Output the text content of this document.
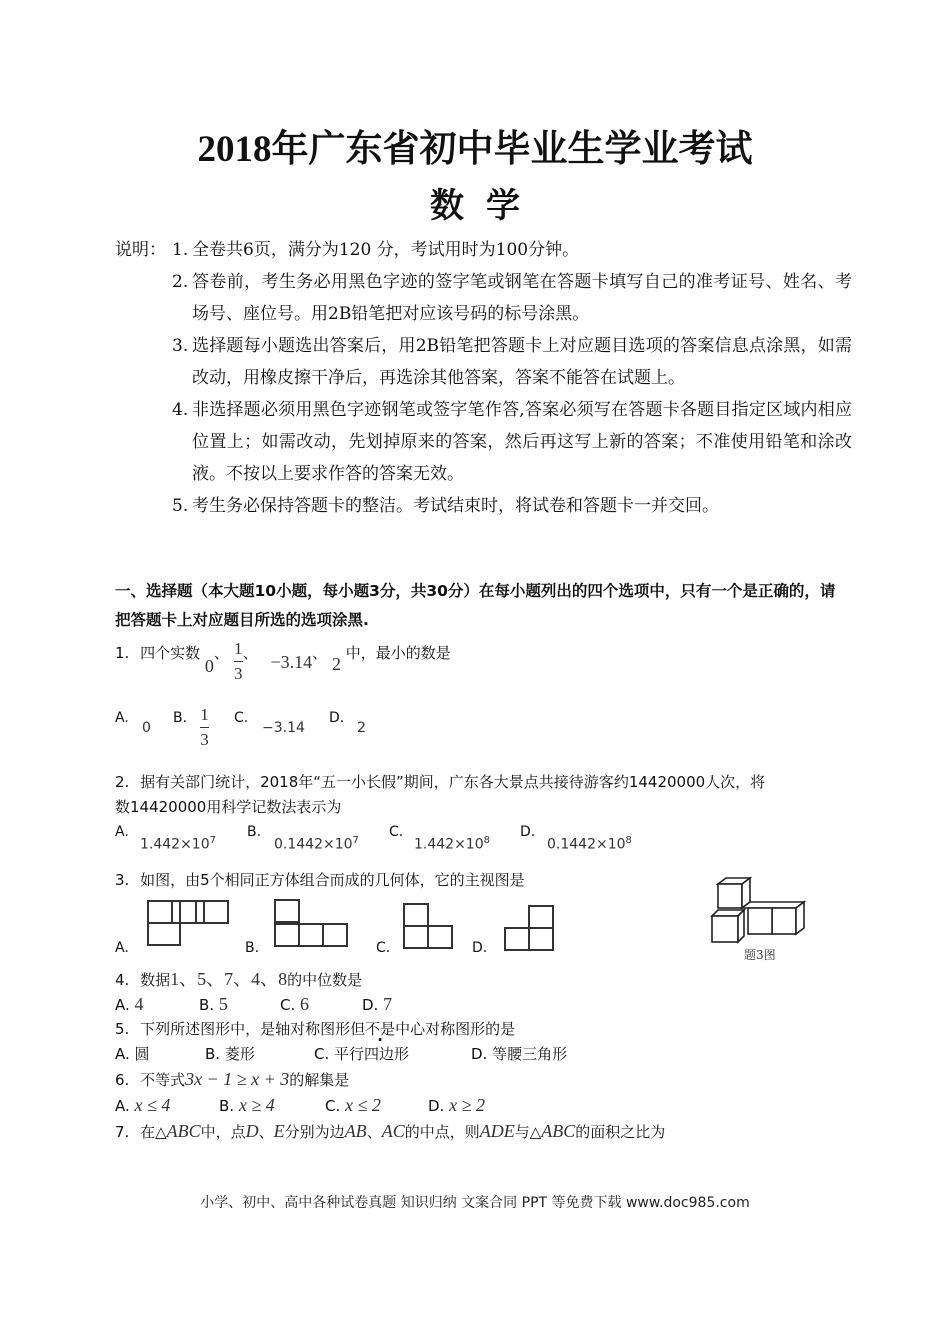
2018年广东省初中毕业生学业考试
数学
说明： 1. 全卷共6页，满分为120 分，考试用时为100分钟。
2. 答卷前，考生务必用黑色字迹的签字笔或钢笔在答题卡填写自己的准考证号、姓名、考场号、座位号。用2B铅笔把对应该号码的标号涂黑。
3. 选择题每小题选出答案后，用2B铅笔把答题卡上对应题目选项的答案信息点涂黑，如需改动，用橡皮擦干净后，再选涂其他答案，答案不能答在试题上。
4. 非选择题必须用黑色字迹钢笔或签字笔作答,答案必须写在答题卡各题目指定区域内相应位置上；如需改动，先划掉原来的答案，然后再这写上新的答案；不准使用铅笔和涂改液。不按以上要求作答的答案无效。
5. 考生务必保持答题卡的整洁。考试结束时，将试卷和答题卡一并交回。
一、选择题（本大题10小题，每小题3分，共30分）在每小题列出的四个选项中，只有一个是正确的，请把答题卡上对应题目所选的选项涂黑.
1. 四个实数 0、 $\frac{1}{3}$ 、 −3.14、 2 中，最小的数是
A.
0
B. $\frac{1}{3} C$.
−3.14
D.
2
2. 据有关部门统计，2018年“五一小长假”期间，广东各大景点共接待游客约14420000人次，将
数14420000用科学记数法表示为
A.
$1.442\times 10^7$
B.
$0.1442\times 10^7$
C.
$1.442\times 10^8$
D.
$0.1442\times 10^8$
3. 如图，由5个相同正方体组合而成的几何体，它的主视图是
A.	B.	C.	D.	题3图
4. 数据1、5、7、4、8的中位数是
A. 4	B. 5	C. 6	D. 7
5. 下列所述图形中，是轴对称图形但不是中心对称图形的是
A. 圆	B. 菱形	C. 平行四边形	D. 等腰三角形
6. 不等式3x − 1 ≥ x + 3的解集是
A. x ≤ 4	B. x ≥ 4	C. x ≤ 2	D. x ≥ 2
7. 在△ABC中，点D、E分别为边AB、AC的中点，则ADE与△ABC的面积之比为
小学、初中、高中各种试卷真题 知识归纳 文案合同 PPT 等免费下载 www.doc985.com
